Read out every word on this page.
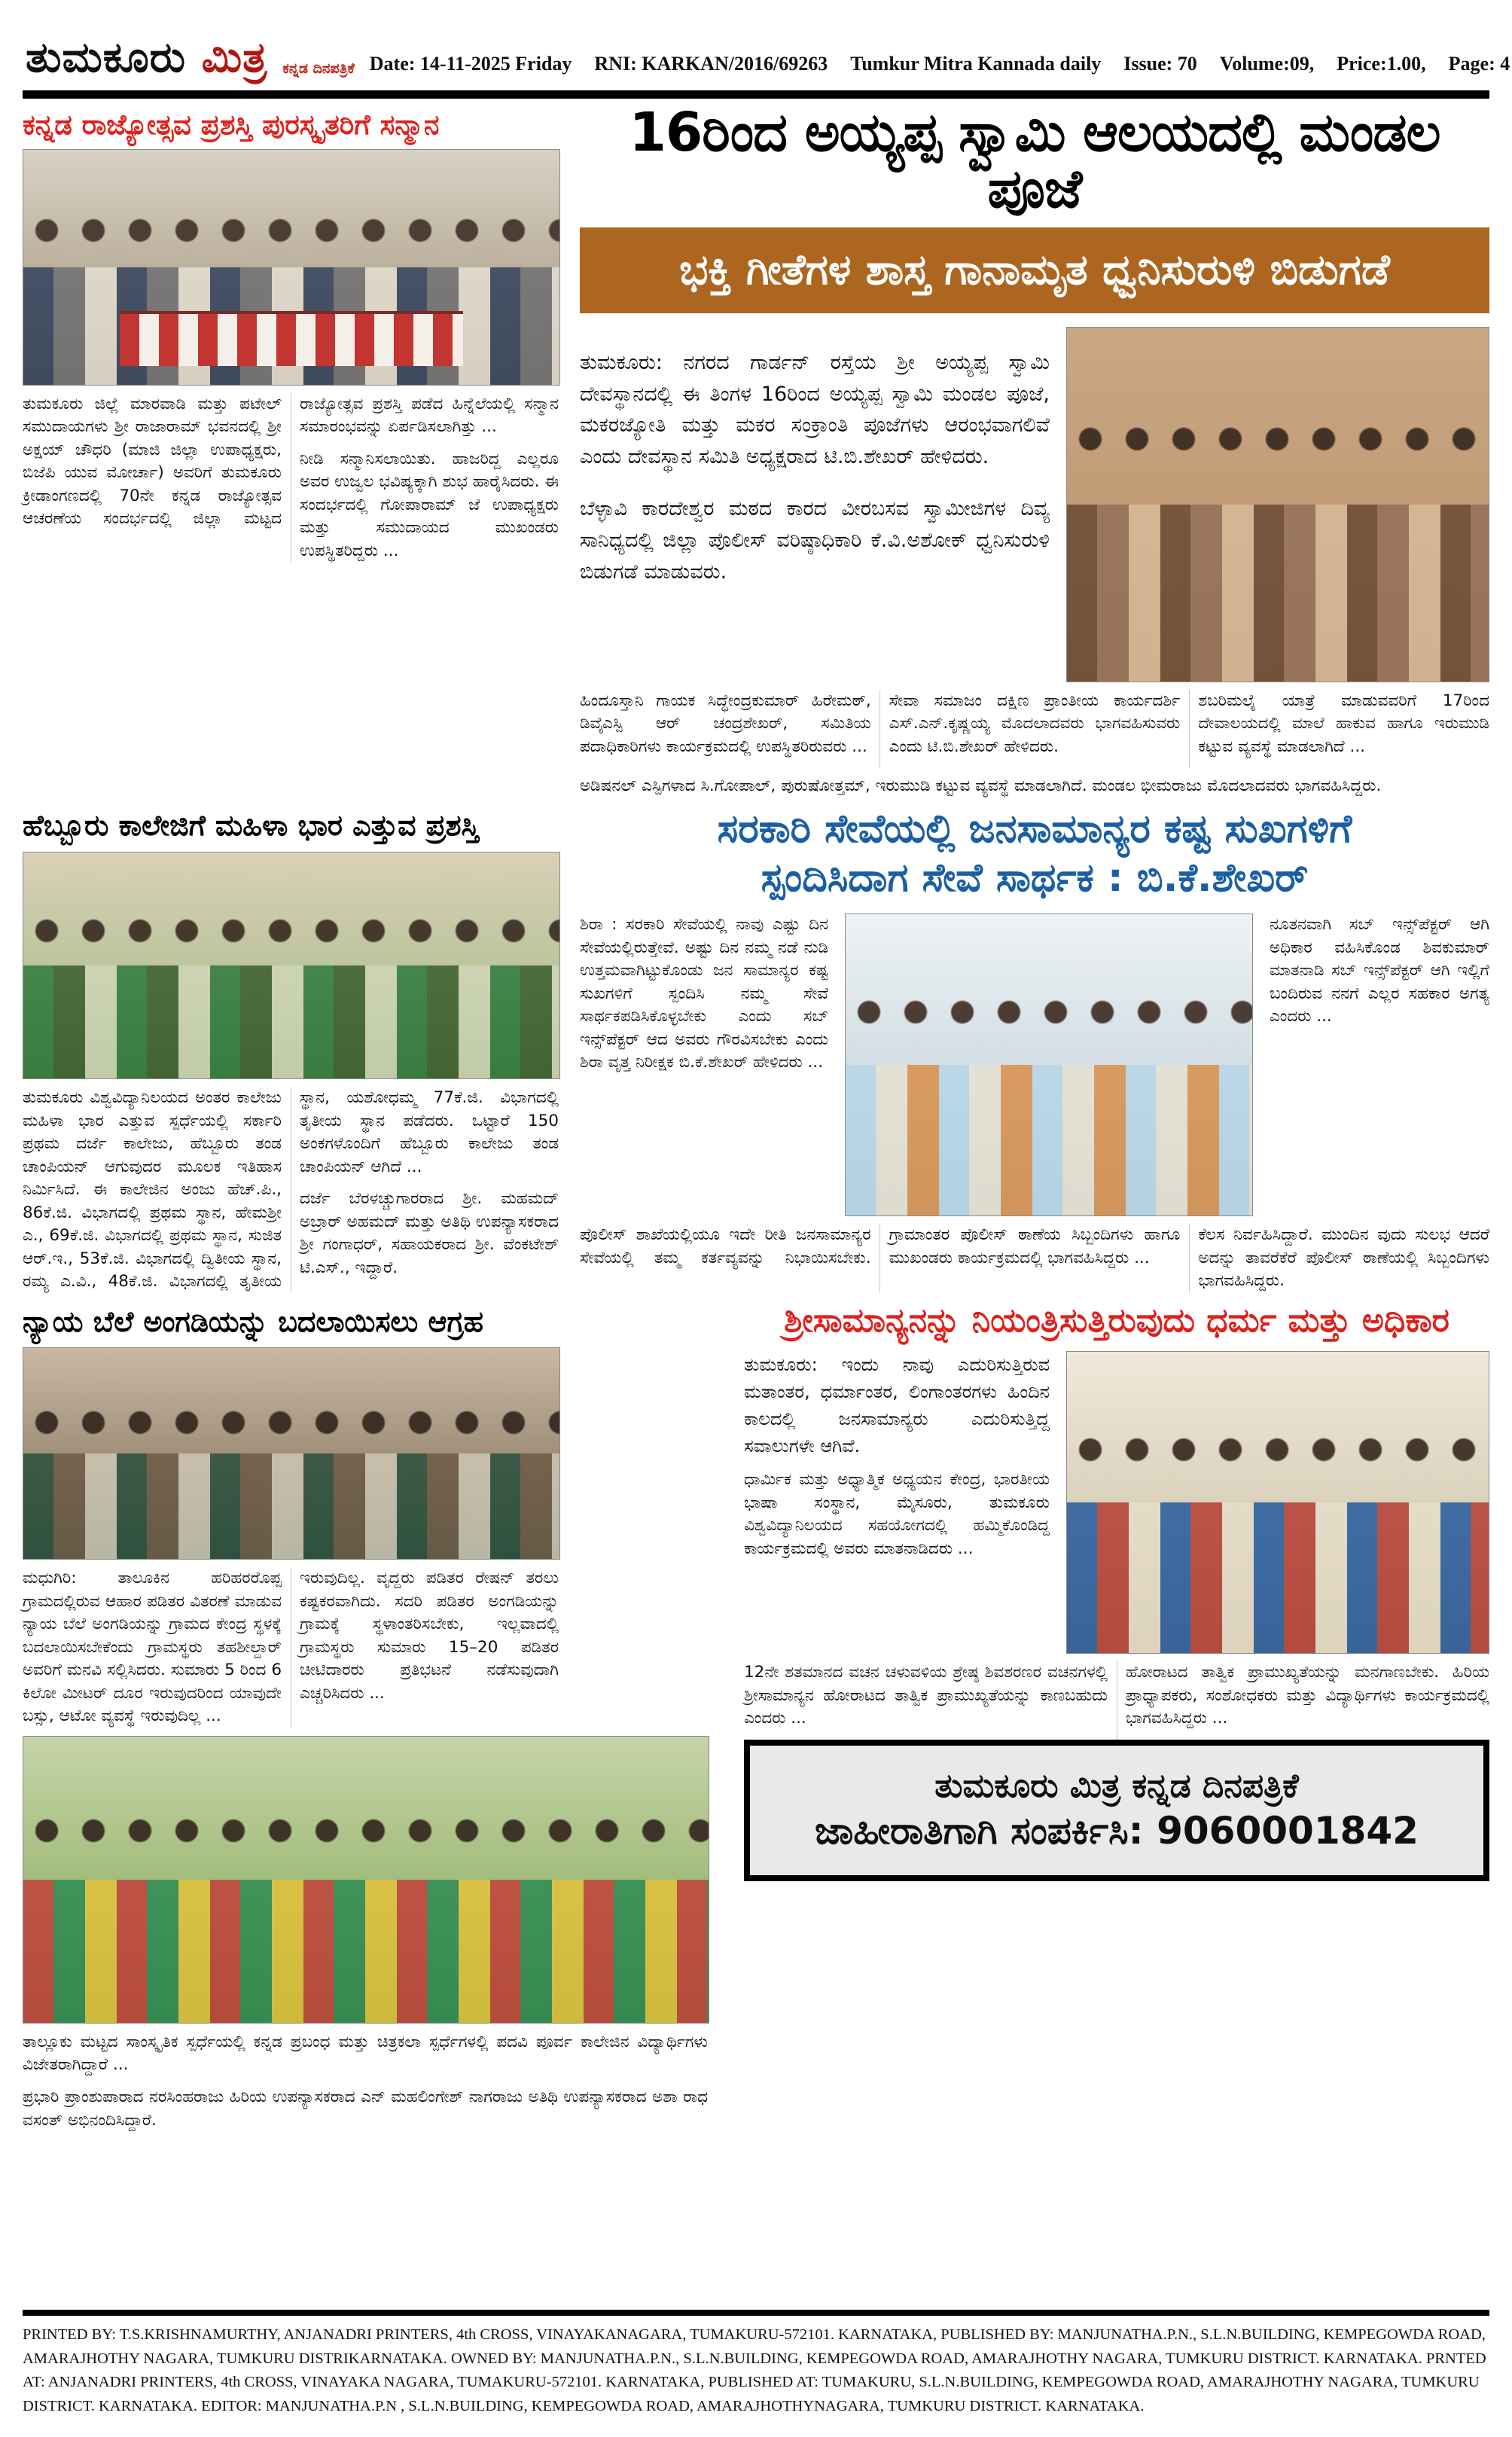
ತುಮಕೂರು ಮಿತ್ರ ಕನ್ನಡ ದಿನಪತ್ರಿಕೆ Date: 14-11-2025 Friday RNI: KARKAN/2016/69263 Tumkur Mitra Kannada daily Issue: 70 Volume:09, Price:1.00, Page: 4
ಕನ್ನಡ ರಾಜ್ಯೋತ್ಸವ ಪ್ರಶಸ್ತಿ ಪುರಸ್ಕೃತರಿಗೆ ಸನ್ಮಾನ

ತುಮಕೂರು ಜಿಲ್ಲೆ ಮಾರವಾಡಿ ಮತ್ತು ಪಟೇಲ್ ಸಮುದಾಯಗಳು ಶ್ರೀ ರಾಜಾರಾಮ್ ಭವನದಲ್ಲಿ ಶ್ರೀ ಅಕ್ಷಯ್ ಚೌಧರಿ (ಮಾಜಿ ಜಿಲ್ಲಾ ಉಪಾಧ್ಯಕ್ಷರು, ಬಿಜೆಪಿ ಯುವ ಮೋರ್ಚಾ) ಅವರಿಗೆ ತುಮಕೂರು ಕ್ರೀಡಾಂಗಣದಲ್ಲಿ 70ನೇ ಕನ್ನಡ ರಾಜ್ಯೋತ್ಸವ ಆಚರಣೆಯ ಸಂದರ್ಭದಲ್ಲಿ ಜಿಲ್ಲಾ ಮಟ್ಟದ ರಾಜ್ಯೋತ್ಸವ ಪ್ರಶಸ್ತಿ ಪಡೆದ ಹಿನ್ನೆಲೆಯಲ್ಲಿ ಸನ್ಮಾನ ಸಮಾರಂಭವನ್ನು ಏರ್ಪಡಿಸಲಾಗಿತ್ತು ...

ನೀಡಿ ಸನ್ಮಾನಿಸಲಾಯಿತು. ಹಾಜರಿದ್ದ ಎಲ್ಲರೂ ಅವರ ಉಜ್ವಲ ಭವಿಷ್ಯಕ್ಕಾಗಿ ಶುಭ ಹಾರೈಸಿದರು. ಈ ಸಂದರ್ಭದಲ್ಲಿ ಗೋಪಾರಾಮ್ ಜೆ ಉಪಾಧ್ಯಕ್ಷರು ಮತ್ತು ಸಮುದಾಯದ ಮುಖಂಡರು ಉಪಸ್ಥಿತರಿದ್ದರು ...

16ರಿಂದ ಅಯ್ಯಪ್ಪ ಸ್ವಾಮಿ ಆಲಯದಲ್ಲಿ ಮಂಡಲ ಪೂಜೆ
ಭಕ್ತಿ ಗೀತೆಗಳ ಶಾಸ್ತ ಗಾನಾಮೃತ ಧ್ವನಿಸುರುಳಿ ಬಿಡುಗಡೆ

ತುಮಕೂರು: ನಗರದ ಗಾರ್ಡನ್ ರಸ್ತೆಯ ಶ್ರೀ ಅಯ್ಯಪ್ಪ ಸ್ವಾಮಿ ದೇವಸ್ಥಾನದಲ್ಲಿ ಈ ತಿಂಗಳ 16ರಿಂದ ಅಯ್ಯಪ್ಪ ಸ್ವಾಮಿ ಮಂಡಲ ಪೂಜೆ, ಮಕರಜ್ಯೋತಿ ಮತ್ತು ಮಕರ ಸಂಕ್ರಾಂತಿ ಪೂಜೆಗಳು ಆರಂಭವಾಗಲಿವೆ ಎಂದು ದೇವಸ್ಥಾನ ಸಮಿತಿ ಅಧ್ಯಕ್ಷರಾದ ಟಿ.ಬಿ.ಶೇಖರ್ ಹೇಳಿದರು.

ಬೆಳ್ಳಾವಿ ಕಾರದೇಶ್ವರ ಮಠದ ಕಾರದ ವೀರಬಸವ ಸ್ವಾಮೀಜಿಗಳ ದಿವ್ಯ ಸಾನಿಧ್ಯದಲ್ಲಿ ಜಿಲ್ಲಾ ಪೊಲೀಸ್ ವರಿಷ್ಠಾಧಿಕಾರಿ ಕೆ.ವಿ.ಅಶೋಕ್ ಧ್ವನಿಸುರುಳಿ ಬಿಡುಗಡೆ ಮಾಡುವರು.

ಹಿಂದೂಸ್ತಾನಿ ಗಾಯಕ ಸಿದ್ಧೇಂದ್ರಕುಮಾರ್ ಹಿರೇಮಠ್, ಡಿವೈಎಸ್ಪಿ ಆರ್ ಚಂದ್ರಶೇಖರ್, ಸಮಿತಿಯ ಪದಾಧಿಕಾರಿಗಳು ಕಾರ್ಯಕ್ರಮದಲ್ಲಿ ಉಪಸ್ಥಿತರಿರುವರು ...

ಸೇವಾ ಸಮಾಜಂ ದಕ್ಷಿಣ ಪ್ರಾಂತೀಯ ಕಾರ್ಯದರ್ಶಿ ಎಸ್.ಎನ್.ಕೃಷ್ಣಯ್ಯ ಮೊದಲಾದವರು ಭಾಗವಹಿಸುವರು ಎಂದು ಟಿ.ಬಿ.ಶೇಖರ್ ಹೇಳಿದರು.

ಶಬರಿಮಲೈ ಯಾತ್ರೆ ಮಾಡುವವರಿಗೆ 17ರಿಂದ ದೇವಾಲಯದಲ್ಲಿ ಮಾಲೆ ಹಾಕುವ ಹಾಗೂ ಇರುಮುಡಿ ಕಟ್ಟುವ ವ್ಯವಸ್ಥೆ ಮಾಡಲಾಗಿದೆ ...

ಅಡಿಷನಲ್ ಎಸ್ಪಿಗಳಾದ ಸಿ.ಗೋಪಾಲ್, ಪುರುಷೋತ್ತಮ್, ಇರುಮುಡಿ ಕಟ್ಟುವ ವ್ಯವಸ್ಥೆ ಮಾಡಲಾಗಿದೆ. ಮಂಡಲ ಭೀಮರಾಜು ಮೊದಲಾದವರು ಭಾಗವಹಿಸಿದ್ದರು.
ಹೆಬ್ಬೂರು ಕಾಲೇಜಿಗೆ ಮಹಿಳಾ ಭಾರ ಎತ್ತುವ ಪ್ರಶಸ್ತಿ

ತುಮಕೂರು ವಿಶ್ವವಿದ್ಯಾನಿಲಯದ ಅಂತರ ಕಾಲೇಜು ಮಹಿಳಾ ಭಾರ ಎತ್ತುವ ಸ್ಪರ್ಧೆಯಲ್ಲಿ ಸರ್ಕಾರಿ ಪ್ರಥಮ ದರ್ಜೆ ಕಾಲೇಜು, ಹೆಬ್ಬೂರು ತಂಡ ಚಾಂಪಿಯನ್ ಆಗುವುದರ ಮೂಲಕ ಇತಿಹಾಸ ನಿರ್ಮಿಸಿದೆ. ಈ ಕಾಲೇಜಿನ ಅಂಜು ಹೆಚ್.ಪಿ., 86ಕೆ.ಜಿ. ವಿಭಾಗದಲ್ಲಿ ಪ್ರಥಮ ಸ್ಥಾನ, ಹೇಮಶ್ರೀ ಎ., 69ಕೆ.ಜಿ. ವಿಭಾಗದಲ್ಲಿ ಪ್ರಥಮ ಸ್ಥಾನ, ಸುಜಿತ ಆರ್.ಇ., 53ಕೆ.ಜಿ. ವಿಭಾಗದಲ್ಲಿ ದ್ವಿತೀಯ ಸ್ಥಾನ, ರಮ್ಯ ಎ.ವಿ., 48ಕೆ.ಜಿ. ವಿಭಾಗದಲ್ಲಿ ತೃತೀಯ ಸ್ಥಾನ, ಯಶೋಧಮ್ಮ 77ಕೆ.ಜಿ. ವಿಭಾಗದಲ್ಲಿ ತೃತೀಯ ಸ್ಥಾನ ಪಡೆದರು. ಒಟ್ಟಾರೆ 150 ಅಂಕಗಳೊಂದಿಗೆ ಹೆಬ್ಬೂರು ಕಾಲೇಜು ತಂಡ ಚಾಂಪಿಯನ್ ಆಗಿದೆ ...

ದರ್ಜೆ ಬೆರಳಚ್ಚುಗಾರರಾದ ಶ್ರೀ. ಮಹಮದ್ ಅಬ್ರಾರ್ ಅಹಮದ್ ಮತ್ತು ಅತಿಥಿ ಉಪನ್ಯಾಸಕರಾದ ಶ್ರೀ ಗಂಗಾಧರ್, ಸಹಾಯಕರಾದ ಶ್ರೀ. ವೆಂಕಟೇಶ್ ಟಿ.ಎಸ್., ಇದ್ದಾರೆ.

ಸರಕಾರಿ ಸೇವೆಯಲ್ಲಿ ಜನಸಾಮಾನ್ಯರ ಕಷ್ಟ ಸುಖಗಳಿಗೆ
ಸ್ಪಂದಿಸಿದಾಗ ಸೇವೆ ಸಾರ್ಥಕ : ಬಿ.ಕೆ.ಶೇಖರ್

ಶಿರಾ : ಸರಕಾರಿ ಸೇವೆಯಲ್ಲಿ ನಾವು ಎಷ್ಟು ದಿನ ಸೇವೆಯಲ್ಲಿರುತ್ತೇವೆ. ಅಷ್ಟು ದಿನ ನಮ್ಮ ನಡೆ ನುಡಿ ಉತ್ತಮವಾಗಿಟ್ಟುಕೊಂಡು ಜನ ಸಾಮಾನ್ಯರ ಕಷ್ಟ ಸುಖಗಳಿಗೆ ಸ್ಪಂದಿಸಿ ನಮ್ಮ ಸೇವೆ ಸಾರ್ಥಕಪಡಿಸಿಕೊಳ್ಳಬೇಕು ಎಂದು ಸಬ್ ಇನ್ಸ್‌ಪೆಕ್ಟರ್ ಆದ ಅವರು ಗೌರವಿಸಬೇಕು ಎಂದು ಶಿರಾ ವೃತ್ತ ನಿರೀಕ್ಷಕ ಬಿ.ಕೆ.ಶೇಖರ್ ಹೇಳಿದರು ...

ನೂತನವಾಗಿ ಸಬ್ ಇನ್ಸ್‌ಪೆಕ್ಟರ್ ಆಗಿ ಅಧಿಕಾರ ವಹಿಸಿಕೊಂಡ ಶಿವಕುಮಾರ್ ಮಾತನಾಡಿ ಸಬ್ ಇನ್ಸ್‌ಪೆಕ್ಟರ್ ಆಗಿ ಇಲ್ಲಿಗೆ ಬಂದಿರುವ ನನಗೆ ಎಲ್ಲರ ಸಹಕಾರ ಅಗತ್ಯ ಎಂದರು ...

ಪೊಲೀಸ್ ಶಾಖೆಯಲ್ಲಿಯೂ ಇದೇ ರೀತಿ ಜನಸಾಮಾನ್ಯರ ಸೇವೆಯಲ್ಲಿ ತಮ್ಮ ಕರ್ತವ್ಯವನ್ನು ನಿಭಾಯಿಸಬೇಕು. ಗ್ರಾಮಾಂತರ ಪೊಲೀಸ್ ಠಾಣೆಯ ಸಿಬ್ಬಂದಿಗಳು ಹಾಗೂ ಮುಖಂಡರು ಕಾರ್ಯಕ್ರಮದಲ್ಲಿ ಭಾಗವಹಿಸಿದ್ದರು ...

ಕೆಲಸ ನಿರ್ವಹಿಸಿದ್ದಾರೆ. ಮುಂದಿನ ವುದು ಸುಲಭ ಆದರೆ ಅದನ್ನು ತಾವರೆಕೆರೆ ಪೊಲೀಸ್ ಠಾಣೆಯಲ್ಲಿ ಸಿಬ್ಬಂದಿಗಳು ಭಾಗವಹಿಸಿದ್ದರು.

ನ್ಯಾಯ ಬೆಲೆ ಅಂಗಡಿಯನ್ನು ಬದಲಾಯಿಸಲು ಆಗ್ರಹ

ಮಧುಗಿರಿ: ತಾಲೂಕಿನ ಹರಿಹರರೊಪ್ಪ ಗ್ರಾಮದಲ್ಲಿರುವ ಆಹಾರ ಪಡಿತರ ವಿತರಣೆ ಮಾಡುವ ನ್ಯಾಯ ಬೆಲೆ ಅಂಗಡಿಯನ್ನು ಗ್ರಾಮದ ಕೇಂದ್ರ ಸ್ಥಳಕ್ಕೆ ಬದಲಾಯಿಸಬೇಕೆಂದು ಗ್ರಾಮಸ್ಥರು ತಹಶೀಲ್ದಾರ್ ಅವರಿಗೆ ಮನವಿ ಸಲ್ಲಿಸಿದರು. ಸುಮಾರು 5 ರಿಂದ 6 ಕಿಲೋ ಮೀಟರ್ ದೂರ ಇರುವುದರಿಂದ ಯಾವುದೇ ಬಸ್ಸು, ಆಟೋ ವ್ಯವಸ್ಥೆ ಇರುವುದಿಲ್ಲ ...

ಇರುವುದಿಲ್ಲ. ವೃದ್ದರು ಪಡಿತರ ರೇಷನ್ ತರಲು ಕಷ್ಟಕರವಾಗಿದು. ಸದರಿ ಪಡಿತರ ಅಂಗಡಿಯನ್ನು ಗ್ರಾಮಕ್ಕೆ ಸ್ಥಳಾಂತರಿಸಬೇಕು, ಇಲ್ಲವಾದಲ್ಲಿ ಗ್ರಾಮಸ್ಥರು ಸುಮಾರು 15–20 ಪಡಿತರ ಚೀಟಿದಾರರು ಪ್ರತಿಭಟನೆ ನಡೆಸುವುದಾಗಿ ಎಚ್ಚರಿಸಿದರು ...

ತಾಲ್ಲೂಕು ಮಟ್ಟದ ಸಾಂಸ್ಕೃತಿಕ ಸ್ಪರ್ಧೆಯಲ್ಲಿ ಕನ್ನಡ ಪ್ರಬಂಧ ಮತ್ತು ಚಿತ್ರಕಲಾ ಸ್ಪರ್ಧೆಗಳಲ್ಲಿ ಪದವಿ ಪೂರ್ವ ಕಾಲೇಜಿನ ವಿದ್ಯಾರ್ಥಿಗಳು ವಿಜೇತರಾಗಿದ್ದಾರೆ ...

ಪ್ರಭಾರಿ ಪ್ರಾಂಶುಪಾರಾದ ನರಸಿಂಹರಾಜು ಹಿರಿಯ ಉಪನ್ಯಾಸಕರಾದ ಎನ್ ಮಹಲಿಂಗೇಶ್ ನಾಗರಾಜು ಅತಿಥಿ ಉಪನ್ಯಾಸಕರಾದ ಅಶಾ ರಾಧ ವಸಂತ್ ಅಭಿನಂದಿಸಿದ್ದಾರೆ.

ಶ್ರೀಸಾಮಾನ್ಯನನ್ನು ನಿಯಂತ್ರಿಸುತ್ತಿರುವುದು ಧರ್ಮ ಮತ್ತು ಅಧಿಕಾರ

ತುಮಕೂರು: ಇಂದು ನಾವು ಎದುರಿಸುತ್ತಿರುವ ಮತಾಂತರ, ಧರ್ಮಾಂತರ, ಲಿಂಗಾಂತರಗಳು ಹಿಂದಿನ ಕಾಲದಲ್ಲಿ ಜನಸಾಮಾನ್ಯರು ಎದುರಿಸುತ್ತಿದ್ದ ಸವಾಲುಗಳೇ ಆಗಿವೆ.

ಧಾರ್ಮಿಕ ಮತ್ತು ಅಧ್ಯಾತ್ಮಿಕ ಅಧ್ಯಯನ ಕೇಂದ್ರ, ಭಾರತೀಯ ಭಾಷಾ ಸಂಸ್ಥಾನ, ಮೈಸೂರು, ತುಮಕೂರು ವಿಶ್ವವಿದ್ಯಾನಿಲಯದ ಸಹಯೋಗದಲ್ಲಿ ಹಮ್ಮಿಕೊಂಡಿದ್ದ ಕಾರ್ಯಕ್ರಮದಲ್ಲಿ ಅವರು ಮಾತನಾಡಿದರು ...

12ನೇ ಶತಮಾನದ ವಚನ ಚಳುವಳಿಯ ಶ್ರೇಷ್ಠ ಶಿವಶರಣರ ವಚನಗಳಲ್ಲಿ ಶ್ರೀಸಾಮಾನ್ಯನ ಹೋರಾಟದ ತಾತ್ವಿಕ ಪ್ರಾಮುಖ್ಯತೆಯನ್ನು ಕಾಣಬಹುದು ಎಂದರು ...

ಹೋರಾಟದ ತಾತ್ವಿಕ ಪ್ರಾಮುಖ್ಯತೆಯನ್ನು ಮನಗಾಣಬೇಕು. ಹಿರಿಯ ಪ್ರಾಧ್ಯಾಪಕರು, ಸಂಶೋಧಕರು ಮತ್ತು ವಿದ್ಯಾರ್ಥಿಗಳು ಕಾರ್ಯಕ್ರಮದಲ್ಲಿ ಭಾಗವಹಿಸಿದ್ದರು ...

ತುಮಕೂರು ಮಿತ್ರ ಕನ್ನಡ ದಿನಪತ್ರಿಕೆ
ಜಾಹೀರಾತಿಗಾಗಿ ಸಂಪರ್ಕಿಸಿ: 9060001842
PRINTED BY: T.S.KRISHNAMURTHY, ANJANADRI PRINTERS, 4th CROSS, VINAYAKANAGARA, TUMAKURU-572101. KARNATAKA, PUBLISHED BY: MANJUNATHA.P.N., S.L.N.BUILDING, KEMPEGOWDA ROAD,
AMARAJHOTHY NAGARA, TUMKURU DISTRIKARNATAKA. OWNED BY: MANJUNATHA.P.N., S.L.N.BUILDING, KEMPEGOWDA ROAD, AMARAJHOTHY NAGARA, TUMKURU DISTRICT. KARNATAKA. PRNTED
AT: ANJANADRI PRINTERS, 4th CROSS, VINAYAKA NAGARA, TUMAKURU-572101. KARNATAKA, PUBLISHED AT: TUMAKURU, S.L.N.BUILDING, KEMPEGOWDA ROAD, AMARAJHOTHY NAGARA, TUMKURU
DISTRICT. KARNATAKA. EDITOR: MANJUNATHA.P.N , S.L.N.BUILDING, KEMPEGOWDA ROAD, AMARAJHOTHYNAGARA, TUMKURU DISTRICT. KARNATAKA.
